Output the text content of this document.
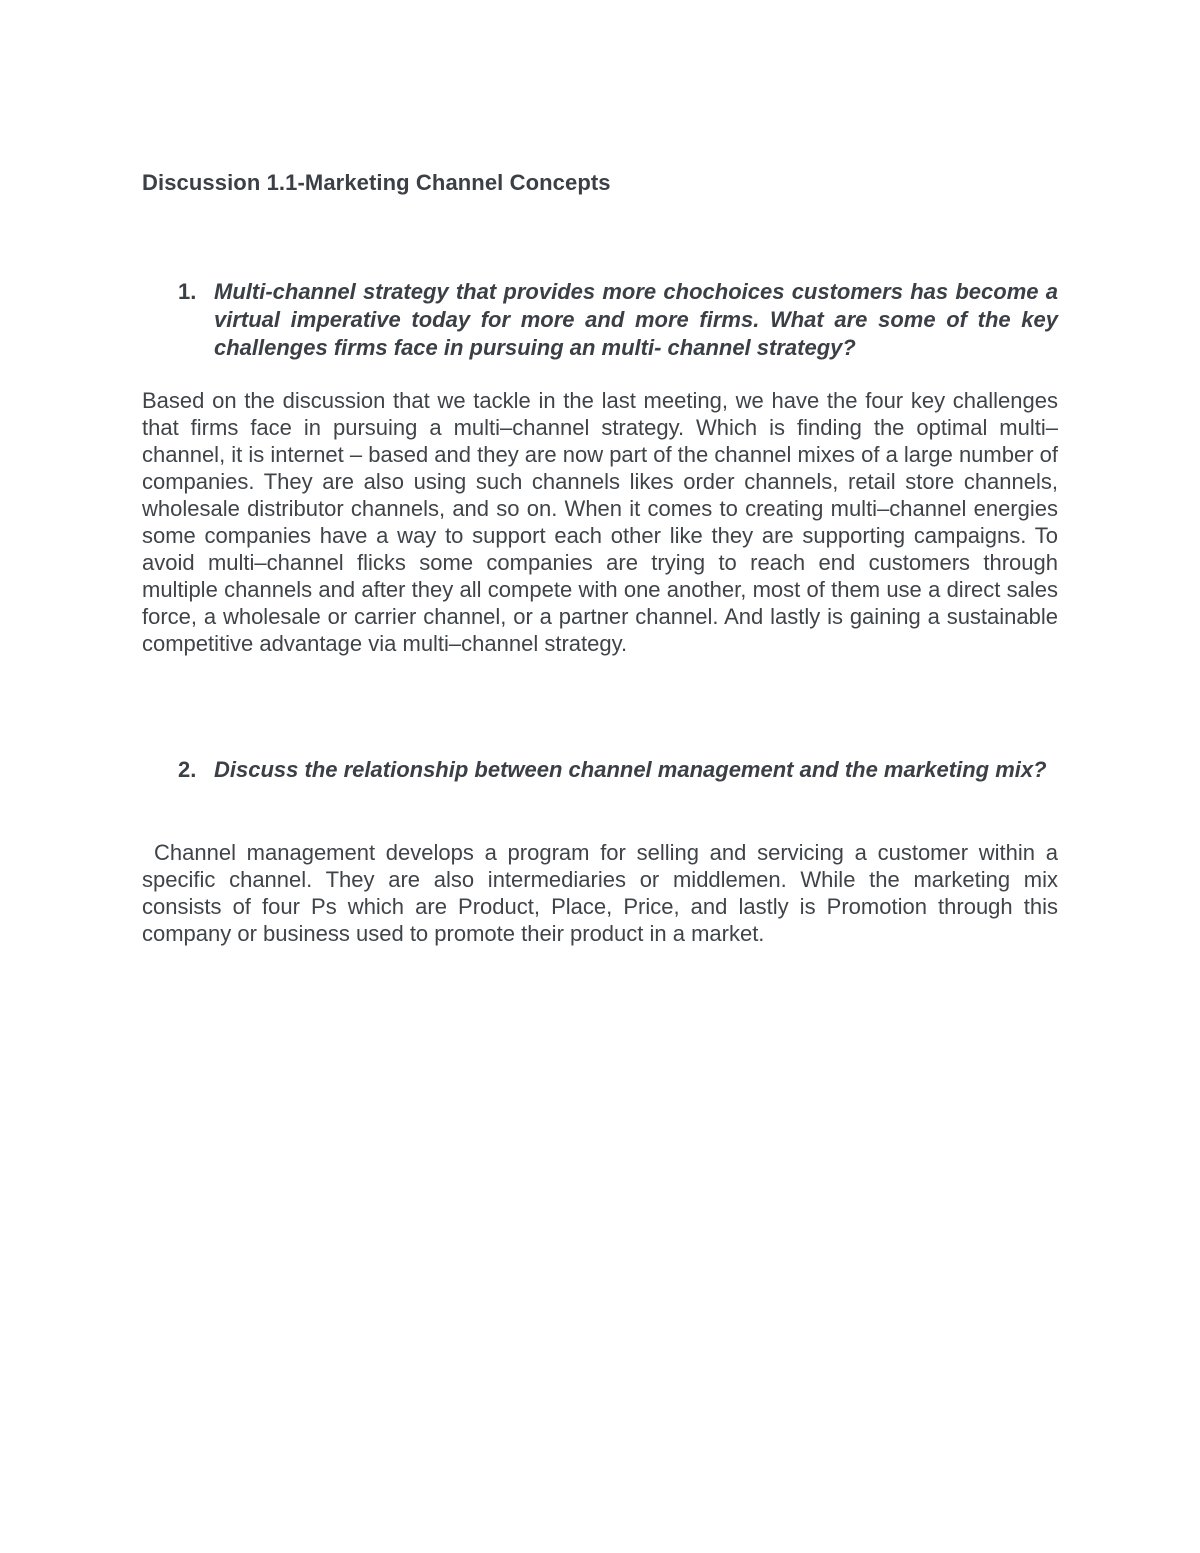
Discussion 1.1-Marketing Channel Concepts

1. Multi-channel strategy that provides more chochoices customers has become a virtual imperative today for more and more firms. What are some of the key challenges firms face in pursuing an multi- channel strategy?

Based on the discussion that we tackle in the last meeting, we have the four key challenges that firms face in pursuing a multi–channel strategy. Which is finding the optimal multi–channel, it is internet – based and they are now part of the channel mixes of a large number of companies. They are also using such channels likes order channels, retail store channels, wholesale distributor channels, and so on. When it comes to creating multi–channel energies some companies have a way to support each other like they are supporting campaigns. To avoid multi–channel flicks some companies are trying to reach end customers through multiple channels and after they all compete with one another, most of them use a direct sales force, a wholesale or carrier channel, or a partner channel. And lastly is gaining a sustainable competitive advantage via multi–channel strategy.

2. Discuss the relationship between channel management and the marketing mix?

Channel management develops a program for selling and servicing a customer within a specific channel. They are also intermediaries or middlemen. While the marketing mix consists of four Ps which are Product, Place, Price, and lastly is Promotion through this company or business used to promote their product in a market.
